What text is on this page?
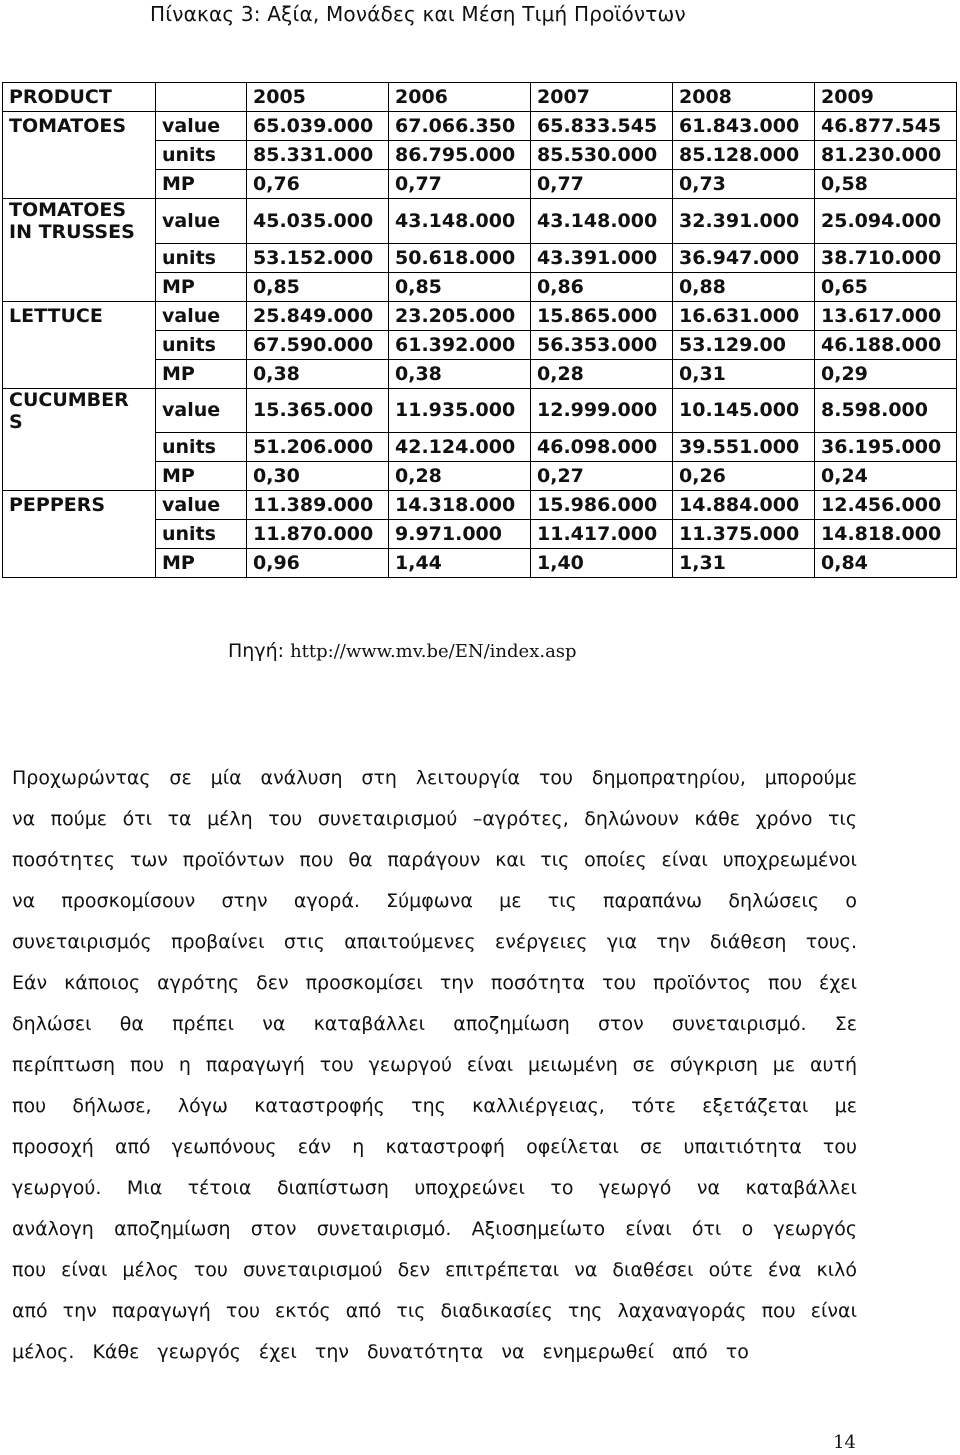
Πίνακας 3: Αξία, Μονάδες και Μέση Τιμή Προϊόντων
PRODUCT		2005	2006	2007	2008	2009
TOMATOES	value	65.039.000	67.066.350	65.833.545	61.843.000	46.877.545
	units	85.331.000	86.795.000	85.530.000	85.128.000	81.230.000
	MP	0,76	0,77	0,77	0,73	0,58
TOMATOES IN TRUSSES	value	45.035.000	43.148.000	43.148.000	32.391.000	25.094.000
	units	53.152.000	50.618.000	43.391.000	36.947.000	38.710.000
	MP	0,85	0,85	0,86	0,88	0,65
LETTUCE	value	25.849.000	23.205.000	15.865.000	16.631.000	13.617.000
	units	67.590.000	61.392.000	56.353.000	53.129.00	46.188.000
	MP	0,38	0,38	0,28	0,31	0,29
CUCUMBER S	value	15.365.000	11.935.000	12.999.000	10.145.000	8.598.000
	units	51.206.000	42.124.000	46.098.000	39.551.000	36.195.000
	MP	0,30	0,28	0,27	0,26	0,24
PEPPERS	value	11.389.000	14.318.000	15.986.000	14.884.000	12.456.000
	units	11.870.000	9.971.000	11.417.000	11.375.000	14.818.000
	MP	0,96	1,44	1,40	1,31	0,84
Πηγή: http://www.mv.be/EN/index.asp
Προχωρώντας σε μία ανάλυση στη λειτουργία του δημοπρατηρίου, μπορούμε
να πούμε ότι τα μέλη του συνεταιρισμού –αγρότες, δηλώνουν κάθε χρόνο τις
ποσότητες των προϊόντων που θα παράγουν και τις οποίες είναι υποχρεωμένοι
να προσκομίσουν στην αγορά. Σύμφωνα με τις παραπάνω δηλώσεις ο
συνεταιρισμός προβαίνει στις απαιτούμενες ενέργειες για την διάθεση τους.
Εάν κάποιος αγρότης δεν προσκομίσει την ποσότητα του προϊόντος που έχει
δηλώσει θα πρέπει να καταβάλλει αποζημίωση στον συνεταιρισμό. Σε
περίπτωση που η παραγωγή του γεωργού είναι μειωμένη σε σύγκριση με αυτή
που δήλωσε, λόγω καταστροφής της καλλιέργειας, τότε εξετάζεται με
προσοχή από γεωπόνους εάν η καταστροφή οφείλεται σε υπαιτιότητα του
γεωργού. Μια τέτοια διαπίστωση υποχρεώνει το γεωργό να καταβάλλει
ανάλογη αποζημίωση στον συνεταιρισμό. Αξιοσημείωτο είναι ότι ο γεωργός
που είναι μέλος του συνεταιρισμού δεν επιτρέπεται να διαθέσει ούτε ένα κιλό
από την παραγωγή του εκτός από τις διαδικασίες της λαχαναγοράς που είναι
μέλος. Κάθε γεωργός έχει την δυνατότητα να ενημερωθεί από το
14
